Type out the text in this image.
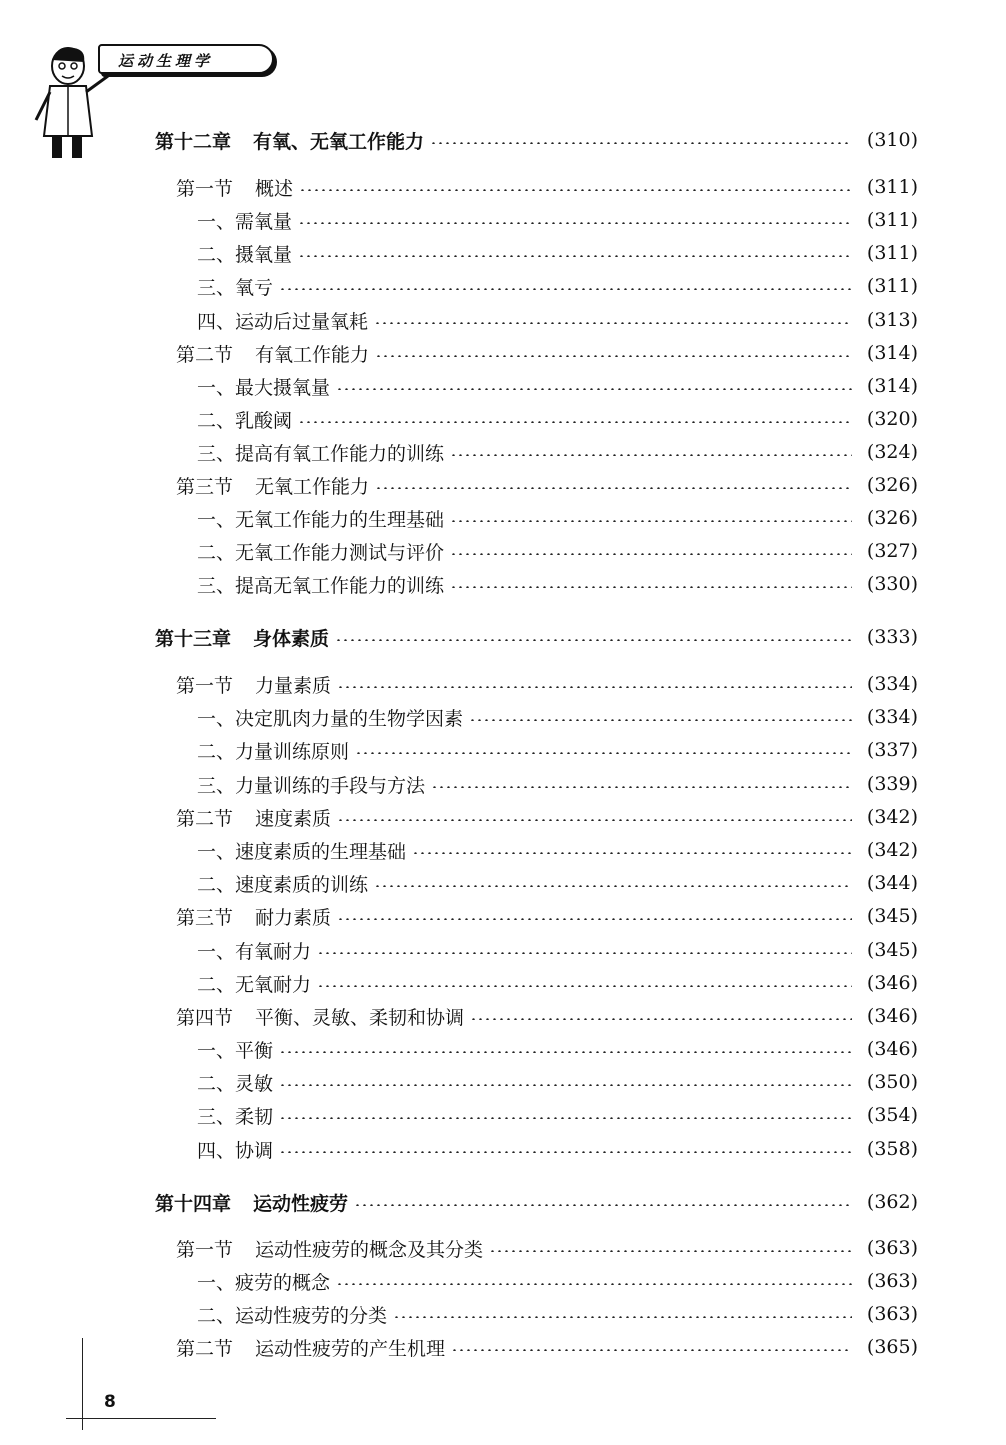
运动生理学
第十二章 有氧、无氧工作能力	(310)
第一节 概述	(311)
一、需氧量	(311)
二、摄氧量	(311)
三、氧亏	(311)
四、运动后过量氧耗	(313)
第二节 有氧工作能力	(314)
一、最大摄氧量	(314)
二、乳酸阈	(320)
三、提高有氧工作能力的训练	(324)
第三节 无氧工作能力	(326)
一、无氧工作能力的生理基础	(326)
二、无氧工作能力测试与评价	(327)
三、提高无氧工作能力的训练	(330)
第十三章 身体素质	(333)
第一节 力量素质	(334)
一、决定肌肉力量的生物学因素	(334)
二、力量训练原则	(337)
三、力量训练的手段与方法	(339)
第二节 速度素质	(342)
一、速度素质的生理基础	(342)
二、速度素质的训练	(344)
第三节 耐力素质	(345)
一、有氧耐力	(345)
二、无氧耐力	(346)
第四节 平衡、灵敏、柔韧和协调	(346)
一、平衡	(346)
二、灵敏	(350)
三、柔韧	(354)
四、协调	(358)
第十四章 运动性疲劳	(362)
第一节 运动性疲劳的概念及其分类	(363)
一、疲劳的概念	(363)
二、运动性疲劳的分类	(363)
第二节 运动性疲劳的产生机理	(365)
8
